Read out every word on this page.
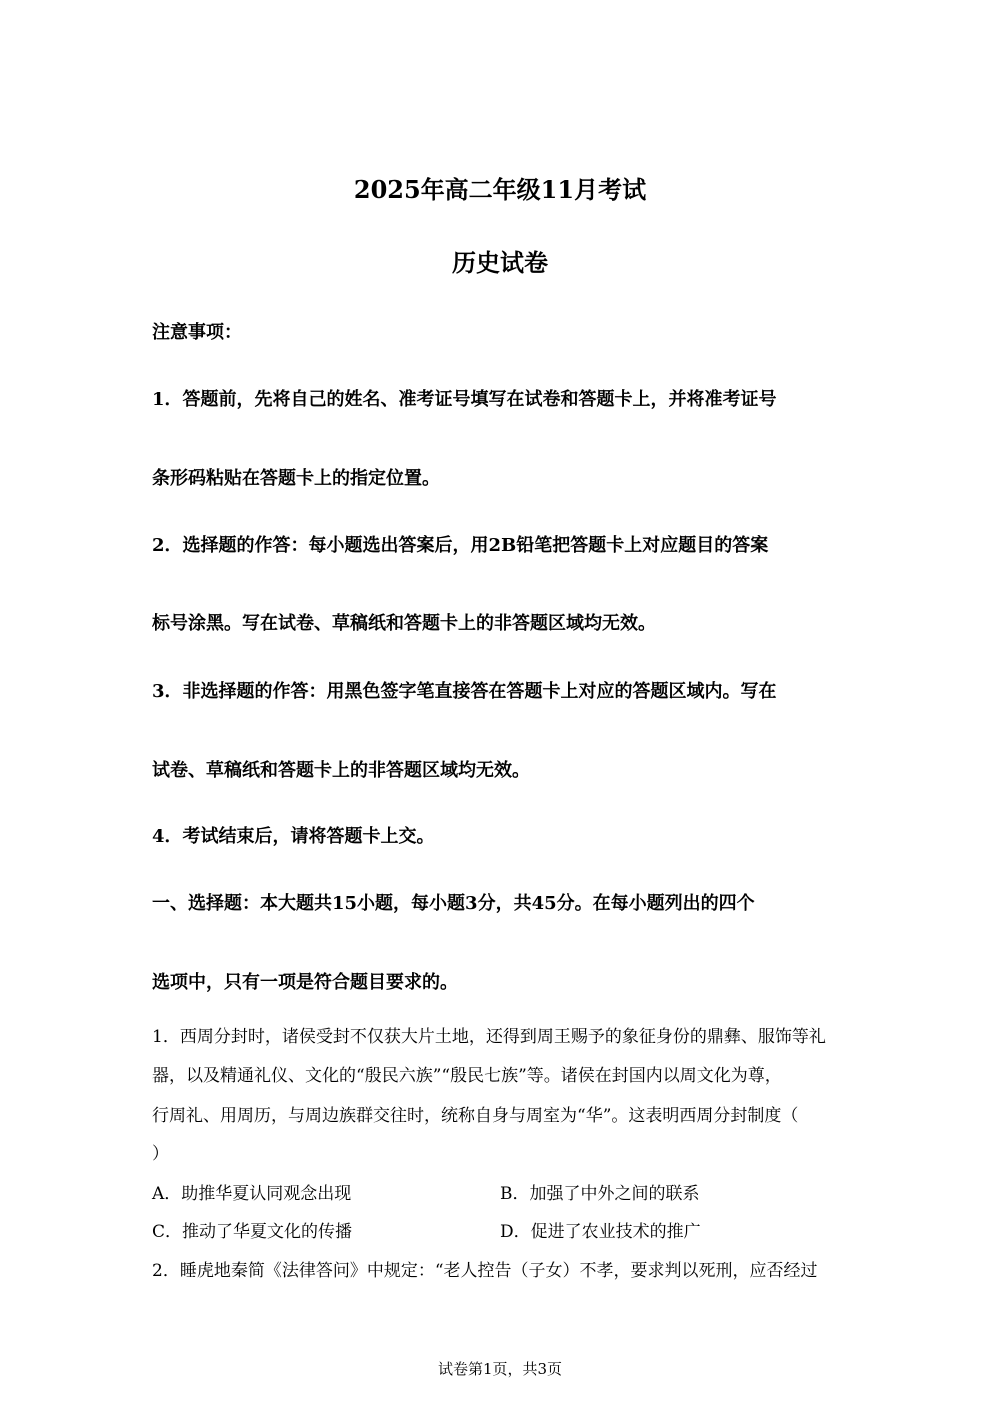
2025年高二年级11月考试
历史试卷
注意事项：
1．答题前，先将自己的姓名、准考证号填写在试卷和答题卡上，并将准考证号
条形码粘贴在答题卡上的指定位置。
2．选择题的作答：每小题选出答案后，用2B铅笔把答题卡上对应题目的答案
标号涂黑。写在试卷、草稿纸和答题卡上的非答题区域均无效。
3．非选择题的作答：用黑色签字笔直接答在答题卡上对应的答题区域内。写在
试卷、草稿纸和答题卡上的非答题区域均无效。
4．考试结束后，请将答题卡上交。
一、选择题：本大题共15小题，每小题3分，共45分。在每小题列出的四个
选项中，只有一项是符合题目要求的。
1．西周分封时，诸侯受封不仅获大片土地，还得到周王赐予的象征身份的鼎彝、服饰等礼
器，以及精通礼仪、文化的“殷民六族”“殷民七族”等。诸侯在封国内以周文化为尊，
行周礼、用周历，与周边族群交往时，统称自身与周室为“华”。这表明西周分封制度（
）
A．助推华夏认同观念出现	B．加强了中外之间的联系
C．推动了华夏文化的传播	D．促进了农业技术的推广
2．睡虎地秦简《法律答问》中规定：“老人控告（子女）不孝，要求判以死刑，应否经过
试卷第1页，共3页
